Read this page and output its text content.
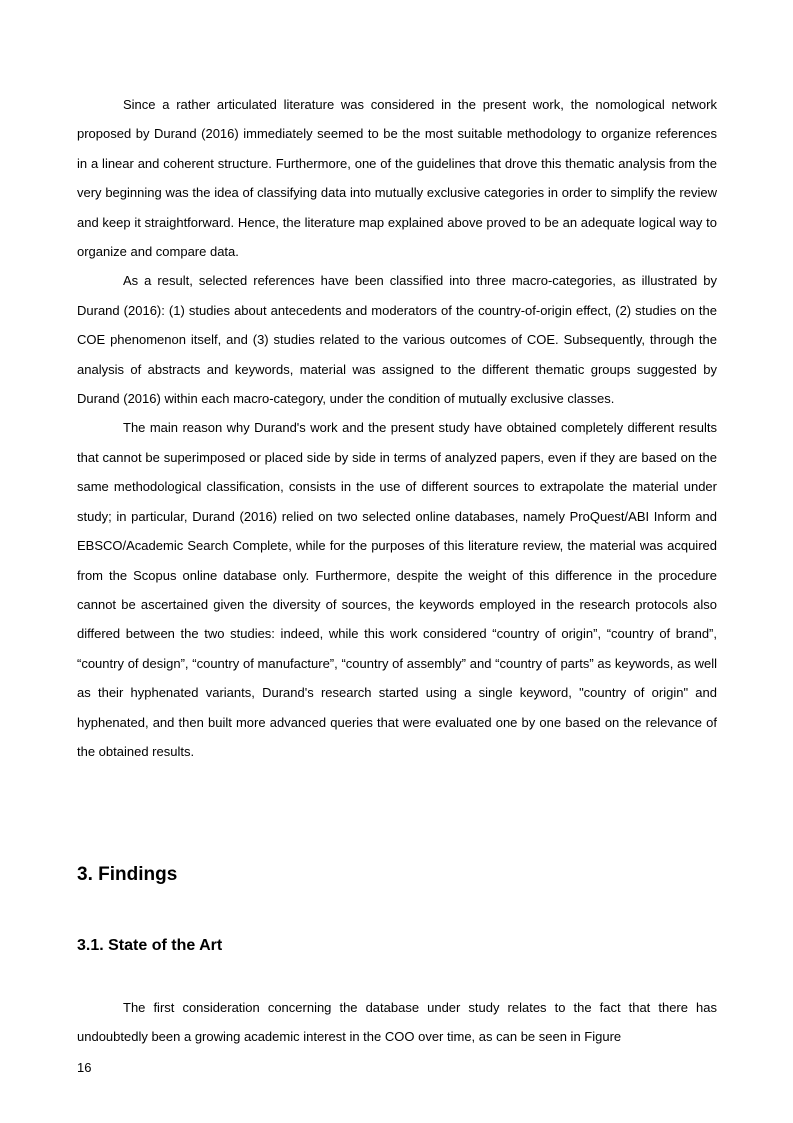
Since a rather articulated literature was considered in the present work, the nomological network proposed by Durand (2016) immediately seemed to be the most suitable methodology to organize references in a linear and coherent structure. Furthermore, one of the guidelines that drove this thematic analysis from the very beginning was the idea of classifying data into mutually exclusive categories in order to simplify the review and keep it straightforward. Hence, the literature map explained above proved to be an adequate logical way to organize and compare data.

As a result, selected references have been classified into three macro-categories, as illustrated by Durand (2016): (1) studies about antecedents and moderators of the country-of-origin effect, (2) studies on the COE phenomenon itself, and (3) studies related to the various outcomes of COE. Subsequently, through the analysis of abstracts and keywords, material was assigned to the different thematic groups suggested by Durand (2016) within each macro-category, under the condition of mutually exclusive classes.

The main reason why Durand's work and the present study have obtained completely different results that cannot be superimposed or placed side by side in terms of analyzed papers, even if they are based on the same methodological classification, consists in the use of different sources to extrapolate the material under study; in particular, Durand (2016) relied on two selected online databases, namely ProQuest/ABI Inform and EBSCO/Academic Search Complete, while for the purposes of this literature review, the material was acquired from the Scopus online database only. Furthermore, despite the weight of this difference in the procedure cannot be ascertained given the diversity of sources, the keywords employed in the research protocols also differed between the two studies: indeed, while this work considered “country of origin”, “country of brand”, “country of design”, “country of manufacture”, “country of assembly” and “country of parts” as keywords, as well as their hyphenated variants, Durand's research started using a single keyword, "country of origin" and hyphenated, and then built more advanced queries that were evaluated one by one based on the relevance of the obtained results.

3. Findings
3.1. State of the Art

The first consideration concerning the database under study relates to the fact that there has undoubtedly been a growing academic interest in the COO over time, as can be seen in Figure

16
